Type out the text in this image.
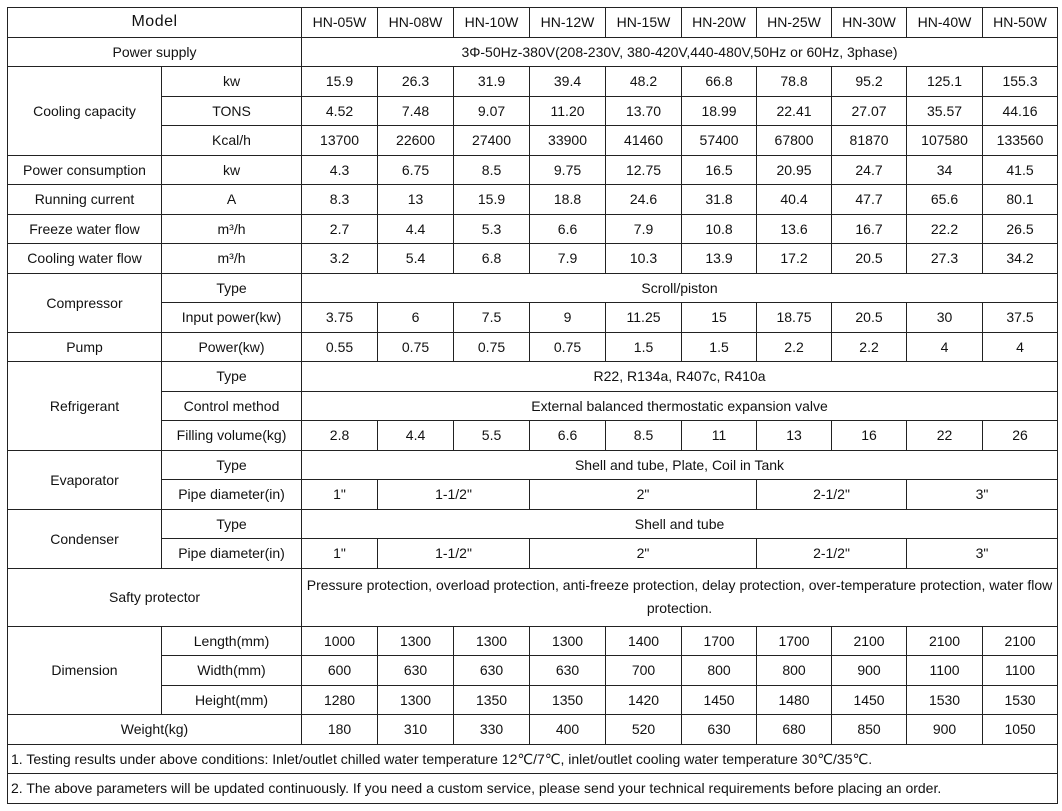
Model		HN-05W	HN-08W	HN-10W	HN-12W	HN-15W	HN-20W	HN-25W	HN-30W	HN-40W	HN-50W
Power supply		3Φ-50Hz-380V(208-230V, 380-420V,440-480V,50Hz or 60Hz, 3phase)									
Cooling capacity	kw	15.9	26.3	31.9	39.4	48.2	66.8	78.8	95.2	125.1	155.3
	TONS	4.52	7.48	9.07	11.20	13.70	18.99	22.41	27.07	35.57	44.16
	Kcal/h	13700	22600	27400	33900	41460	57400	67800	81870	107580	133560
Power consumption	kw	4.3	6.75	8.5	9.75	12.75	16.5	20.95	24.7	34	41.5
Running current	A	8.3	13	15.9	18.8	24.6	31.8	40.4	47.7	65.6	80.1
Freeze water flow	m³/h	2.7	4.4	5.3	6.6	7.9	10.8	13.6	16.7	22.2	26.5
Cooling water flow	m³/h	3.2	5.4	6.8	7.9	10.3	13.9	17.2	20.5	27.3	34.2
Compressor	Type	Scroll/piston									
	Input power(kw)	3.75	6	7.5	9	11.25	15	18.75	20.5	30	37.5
Pump	Power(kw)	0.55	0.75	0.75	0.75	1.5	1.5	2.2	2.2	4	4
Refrigerant	Type	R22, R134a, R407c, R410a									
	Control method	External balanced thermostatic expansion valve									
	Filling volume(kg)	2.8	4.4	5.5	6.6	8.5	11	13	16	22	26
Evaporator	Type	Shell and tube, Plate, Coil in Tank									
	Pipe diameter(in)	1"	1-1/2"		2"			2-1/2"		3"	
Condenser	Type	Shell and tube									
	Pipe diameter(in)	1"	1-1/2"		2"			2-1/2"		3"	
Safty protector		Pressure protection, overload protection, anti-freeze protection, delay protection, over-temperature protection, water flow protection.									
Dimension	Length(mm)	1000	1300	1300	1300	1400	1700	1700	2100	2100	2100
	Width(mm)	600	630	630	630	700	800	800	900	1100	1100
	Height(mm)	1280	1300	1350	1350	1420	1450	1480	1450	1530	1530
Weight(kg)		180	310	330	400	520	630	680	850	900	1050
1. Testing results under above conditions: Inlet/outlet chilled water temperature 12℃/7℃, inlet/outlet cooling water temperature 30℃/35℃.											
2. The above parameters will be updated continuously. If you need a custom service, please send your technical requirements before placing an order.											
